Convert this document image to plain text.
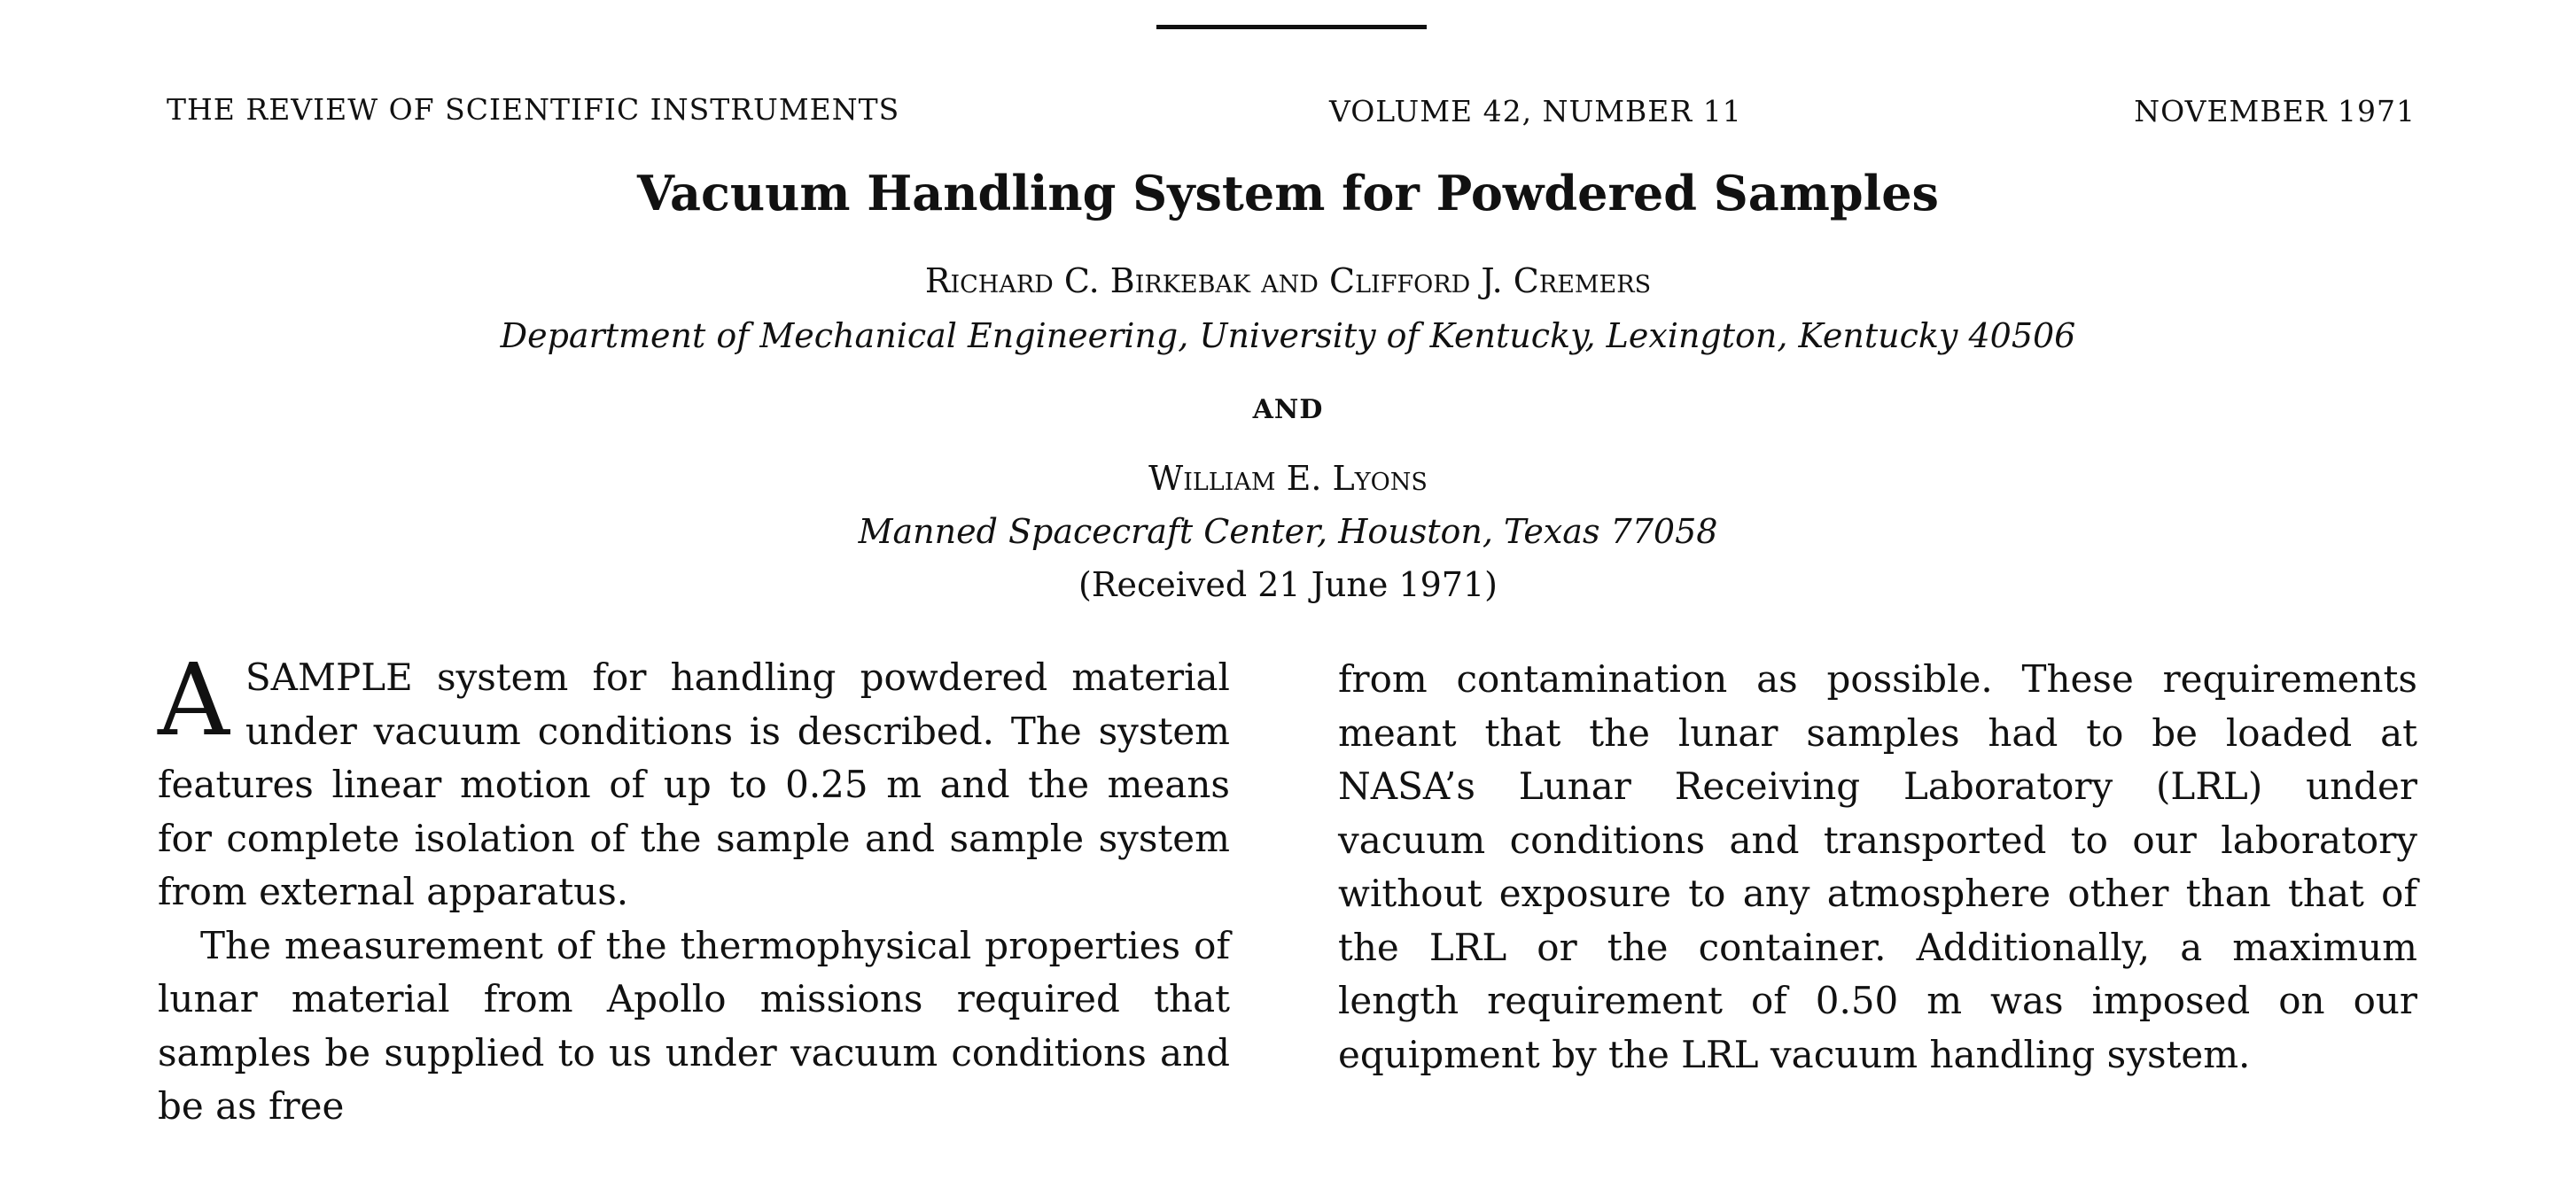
THE REVIEW OF SCIENTIFIC INSTRUMENTS	VOLUME 42, NUMBER 11	NOVEMBER 1971
Vacuum Handling System for Powdered Samples
Richard C. Birkebak and Clifford J. Cremers
Department of Mechanical Engineering, University of Kentucky, Lexington, Kentucky 40506
AND
William E. Lyons
Manned Spacecraft Center, Houston, Texas 77058
(Received 21 June 1971)

A SAMPLE system for handling powdered material under vacuum conditions is described. The system features linear motion of up to 0.25 m and the means for complete isolation of the sample and sample system from external apparatus.

The measurement of the thermophysical properties of lunar material from Apollo missions required that samples be supplied to us under vacuum conditions and be as free

from contamination as possible. These requirements meant that the lunar samples had to be loaded at NASA’s Lunar Receiving Laboratory (LRL) under vacuum conditions and transported to our laboratory without exposure to any atmosphere other than that of the LRL or the container. Additionally, a maximum length requirement of 0.50 m was imposed on our equipment by the LRL vacuum handling system.
